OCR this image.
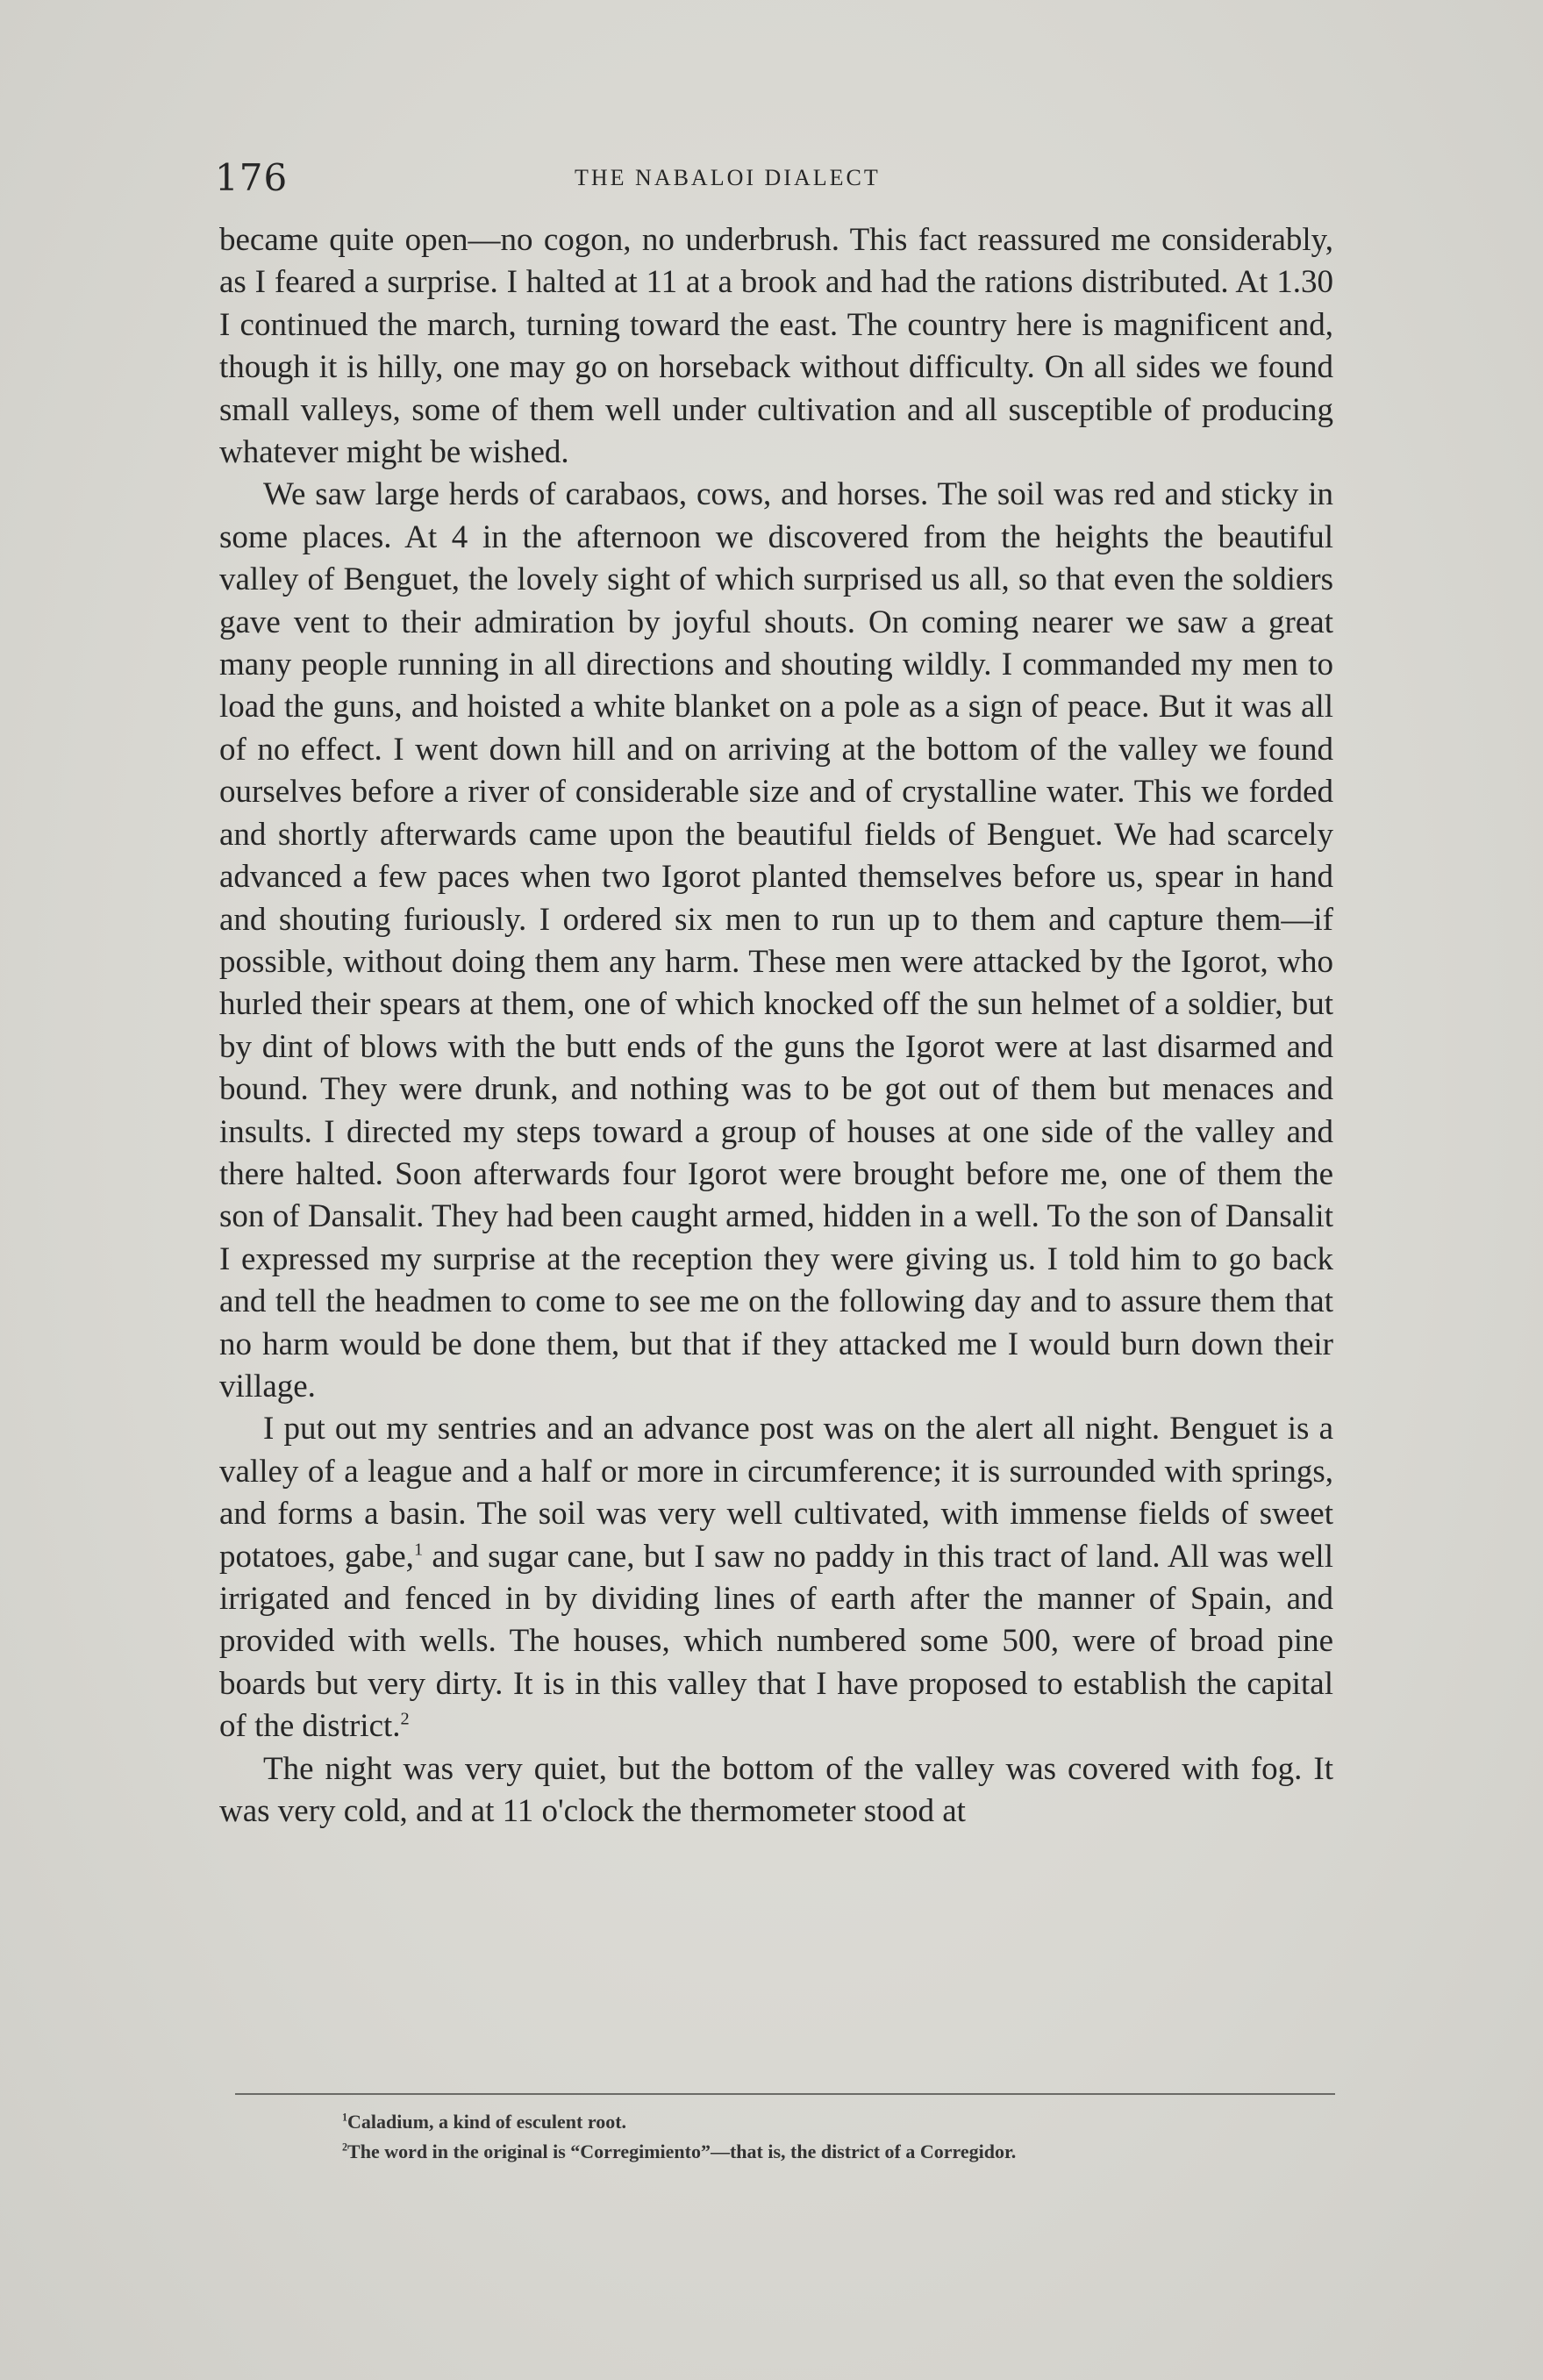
176	THE NABALOI DIALECT

became quite open—no cogon, no underbrush. This fact reassured me considerably, as I feared a surprise. I halted at 11 at a brook and had the rations distributed. At 1.30 I continued the march, turning toward the east. The country here is magnificent and, though it is hilly, one may go on horseback without difficulty. On all sides we found small valleys, some of them well under cultivation and all susceptible of producing whatever might be wished.

We saw large herds of carabaos, cows, and horses. The soil was red and sticky in some places. At 4 in the afternoon we discovered from the heights the beautiful valley of Benguet, the lovely sight of which surprised us all, so that even the soldiers gave vent to their admiration by joyful shouts. On coming nearer we saw a great many people running in all directions and shouting wildly. I commanded my men to load the guns, and hoisted a white blanket on a pole as a sign of peace. But it was all of no effect. I went down hill and on arriving at the bottom of the valley we found ourselves before a river of considerable size and of crystalline water. This we forded and shortly afterwards came upon the beautiful fields of Benguet. We had scarcely advanced a few paces when two Igorot planted themselves before us, spear in hand and shouting furiously. I ordered six men to run up to them and capture them—if possible, without doing them any harm. These men were attacked by the Igorot, who hurled their spears at them, one of which knocked off the sun helmet of a soldier, but by dint of blows with the butt ends of the guns the Igorot were at last disarmed and bound. They were drunk, and nothing was to be got out of them but menaces and insults. I directed my steps toward a group of houses at one side of the valley and there halted. Soon afterwards four Igorot were brought before me, one of them the son of Dansalit. They had been caught armed, hidden in a well. To the son of Dansalit I expressed my surprise at the reception they were giving us. I told him to go back and tell the headmen to come to see me on the following day and to assure them that no harm would be done them, but that if they attacked me I would burn down their village.

I put out my sentries and an advance post was on the alert all night. Benguet is a valley of a league and a half or more in circumference; it is surrounded with springs, and forms a basin. The soil was very well cultivated, with immense fields of sweet potatoes, gabe,$^1$ and sugar cane, but I saw no paddy in this tract of land. All was well irrigated and fenced in by dividing lines of earth after the manner of Spain, and provided with wells. The houses, which numbered some 500, were of broad pine boards but very dirty. It is in this valley that I have proposed to establish the capital of the district.$^2$

The night was very quiet, but the bottom of the valley was covered with fog. It was very cold, and at 11 o'clock the thermometer stood at

$^1$Caladium, a kind of esculent root.
$^2$The word in the original is “Corregimiento”—that is, the district of a Corregidor.
